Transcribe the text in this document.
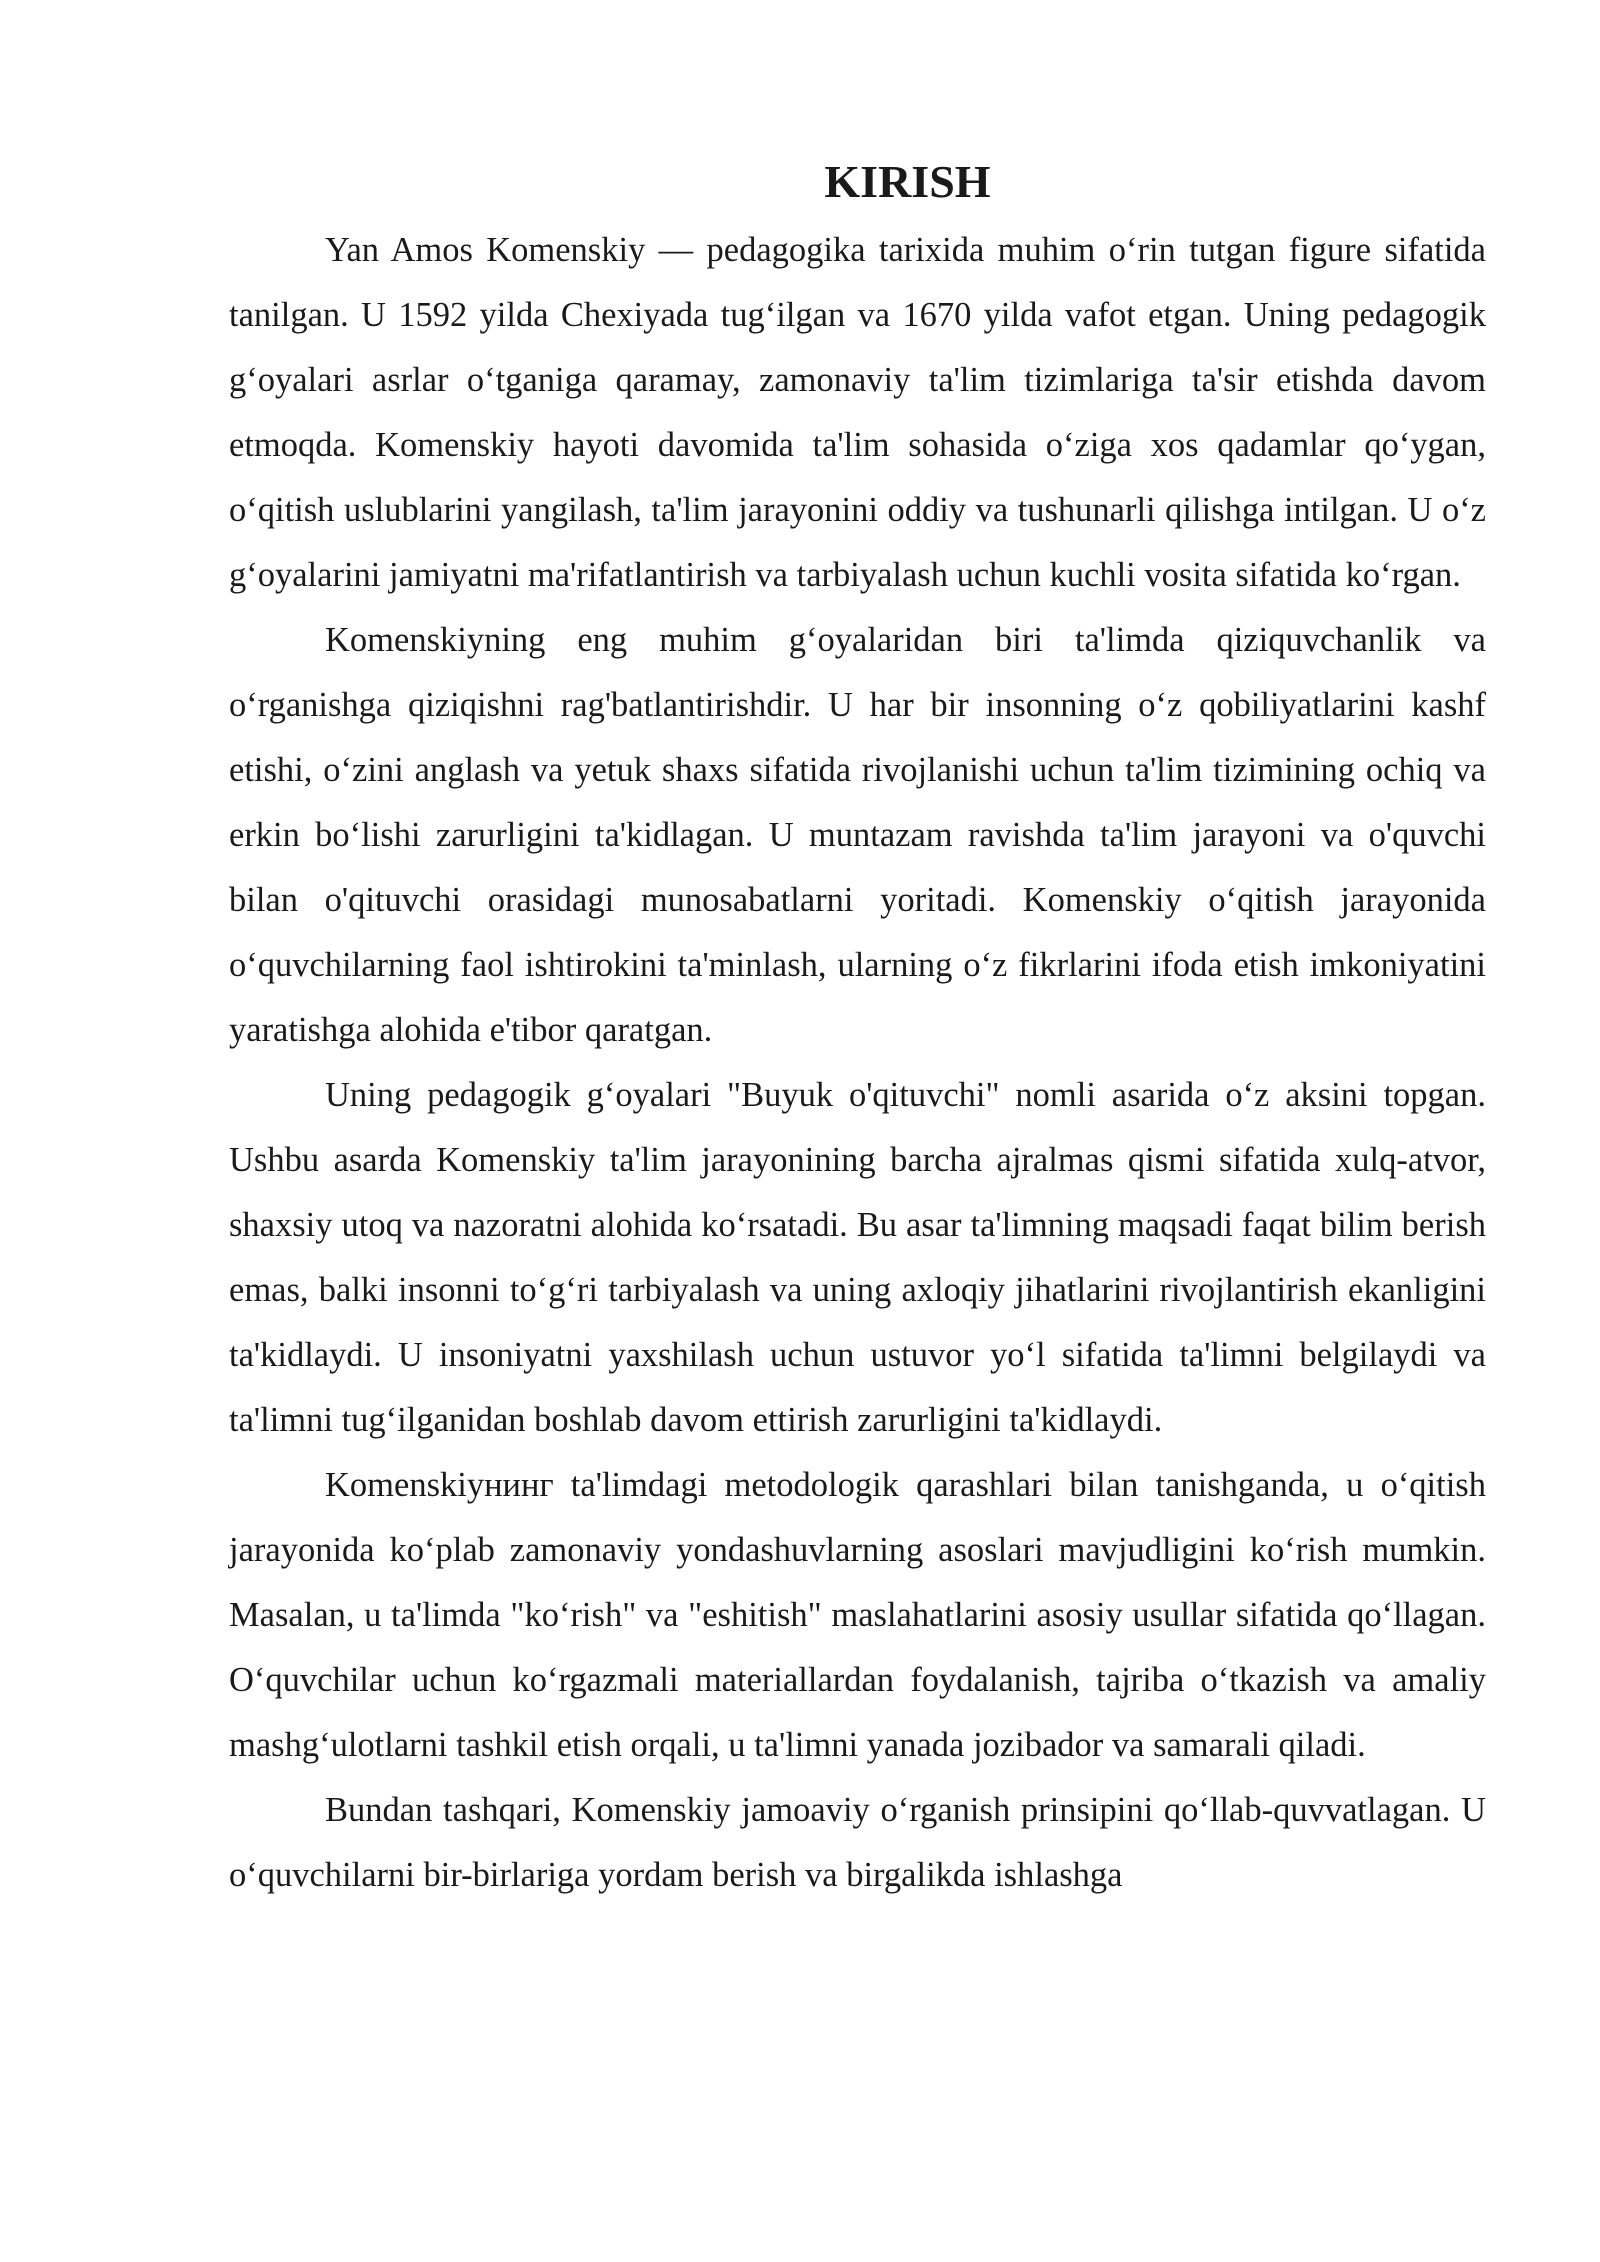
KIRISH

Yan Amos Komenskiy — pedagogika tarixida muhim o‘rin tutgan figure sifatida tanilgan. U 1592 yilda Chexiyada tug‘ilgan va 1670 yilda vafot etgan. Uning pedagogik g‘oyalari asrlar o‘tganiga qaramay, zamonaviy ta'lim tizimlariga ta'sir etishda davom etmoqda. Komenskiy hayoti davomida ta'lim sohasida o‘ziga xos qadamlar qo‘ygan, o‘qitish uslublarini yangilash, ta'lim jarayonini oddiy va tushunarli qilishga intilgan. U o‘z g‘oyalarini jamiyatni ma'rifatlantirish va tarbiyalash uchun kuchli vosita sifatida ko‘rgan.

Komenskiyning eng muhim g‘oyalaridan biri ta'limda qiziquvchanlik va o‘rganishga qiziqishni rag'batlantirishdir. U har bir insonning o‘z qobiliyatlarini kashf etishi, o‘zini anglash va yetuk shaxs sifatida rivojlanishi uchun ta'lim tizimining ochiq va erkin bo‘lishi zarurligini ta'kidlagan. U muntazam ravishda ta'lim jarayoni va o'quvchi bilan o'qituvchi orasidagi munosabatlarni yoritadi. Komenskiy o‘qitish jarayonida o‘quvchilarning faol ishtirokini ta'minlash, ularning o‘z fikrlarini ifoda etish imkoniyatini yaratishga alohida e'tibor qaratgan.

Uning pedagogik g‘oyalari "Buyuk o'qituvchi" nomli asarida o‘z aksini topgan. Ushbu asarda Komenskiy ta'lim jarayonining barcha ajralmas qismi sifatida xulq-atvor, shaxsiy utoq va nazoratni alohida ko‘rsatadi. Bu asar ta'limning maqsadi faqat bilim berish emas, balki insonni to‘g‘ri tarbiyalash va uning axloqiy jihatlarini rivojlantirish ekanligini ta'kidlaydi. U insoniyatni yaxshilash uchun ustuvor yo‘l sifatida ta'limni belgilaydi va ta'limni tug‘ilganidan boshlab davom ettirish zarurligini ta'kidlaydi.

Komenskiyнинг ta'limdagi metodologik qarashlari bilan tanishganda, u o‘qitish jarayonida ko‘plab zamonaviy yondashuvlarning asoslari mavjudligini ko‘rish mumkin. Masalan, u ta'limda "ko‘rish" va "eshitish" maslahatlarini asosiy usullar sifatida qo‘llagan. O‘quvchilar uchun ko‘rgazmali materiallardan foydalanish, tajriba o‘tkazish va amaliy mashg‘ulotlarni tashkil etish orqali, u ta'limni yanada jozibador va samarali qiladi.

Bundan tashqari, Komenskiy jamoaviy o‘rganish prinsipini qo‘llab-quvvatlagan. U o‘quvchilarni bir-birlariga yordam berish va birgalikda ishlashga
